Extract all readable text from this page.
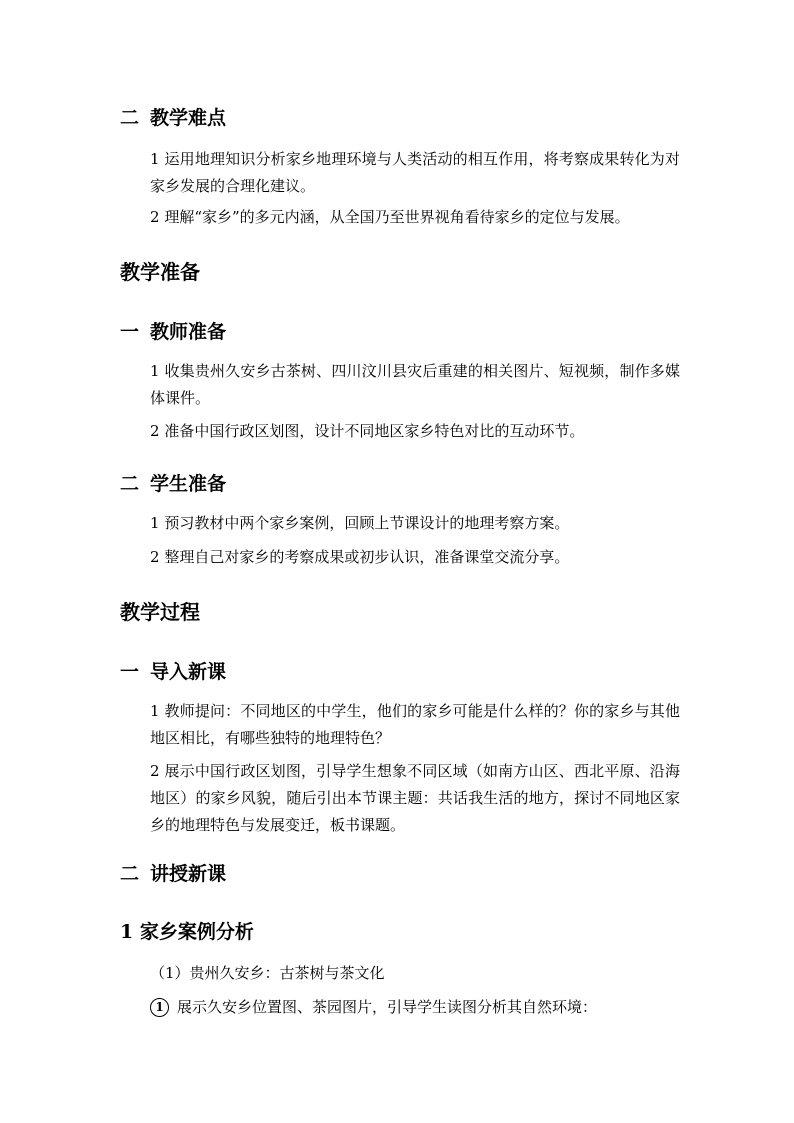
二 教学难点

1 运用地理知识分析家乡地理环境与人类活动的相互作用，将考察成果转化为对家乡发展的合理化建议。

2 理解“家乡”的多元内涵，从全国乃至世界视角看待家乡的定位与发展。

教学准备
一 教师准备

1 收集贵州久安乡古茶树、四川汶川县灾后重建的相关图片、短视频，制作多媒体课件。

2 准备中国行政区划图，设计不同地区家乡特色对比的互动环节。

二 学生准备

1 预习教材中两个家乡案例，回顾上节课设计的地理考察方案。

2 整理自己对家乡的考察成果或初步认识，准备课堂交流分享。

教学过程
一 导入新课

1 教师提问：不同地区的中学生，他们的家乡可能是什么样的？你的家乡与其他地区相比，有哪些独特的地理特色？

2 展示中国行政区划图，引导学生想象不同区域（如南方山区、西北平原、沿海地区）的家乡风貌，随后引出本节课主题：共话我生活的地方，探讨不同地区家乡的地理特色与发展变迁，板书课题。

二 讲授新课
1 家乡案例分析

（1）贵州久安乡：古茶树与茶文化

1 展示久安乡位置图、茶园图片，引导学生读图分析其自然环境：
